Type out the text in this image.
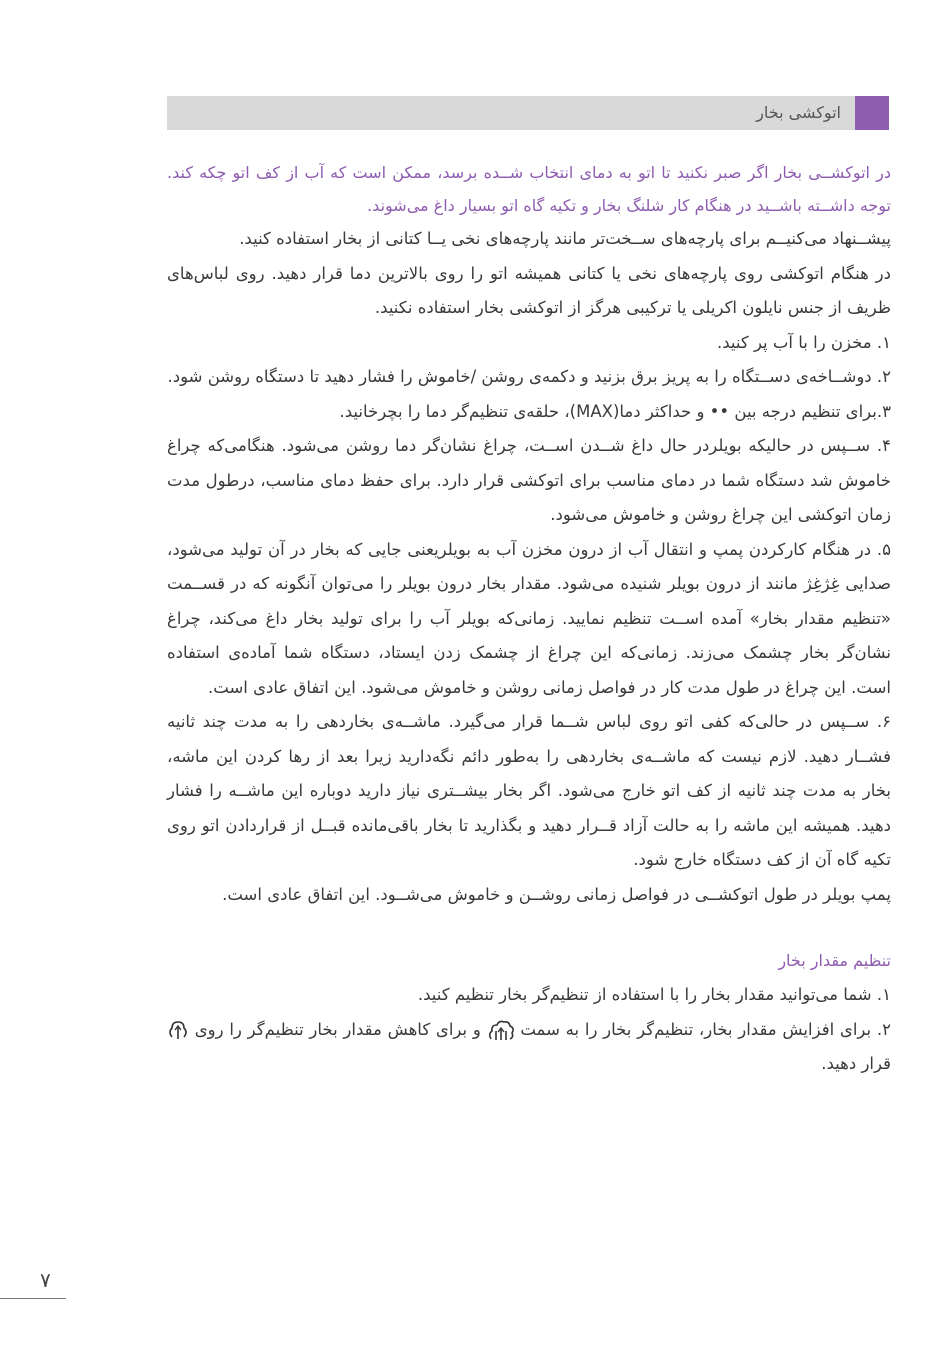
اتوکشی بخار

در اتوکشــی بخار اگر صبر نکنید تا اتو به دمای انتخاب شــده برسد، ممکن است که آب از کف اتو چکه کند. توجه داشــته باشــید در هنگام کار شلنگ بخار و تکیه گاه اتو بسیار داغ می‌شوند.

پیشــنهاد می‌کنیــم برای پارچه‌های ســخت‌تر مانند پارچه‌های نخی یــا کتانی از بخار استفاده کنید.

در هنگام اتوکشی روی پارچه‌های نخی یا کتانی همیشه اتو را روی بالاترین دما قرار دهید. روی لباس‌های ظریف از جنس نایلون اکریلی یا ترکیبی هرگز از اتوکشی بخار استفاده نکنید.

۱. مخزن را با آب پر کنید.

۲. دوشــاخه‌ی دســتگاه را به پریز برق بزنید و دکمه‌ی روشن /خاموش را فشار دهید تا دستگاه روشن شود.

۳.برای تنظیم درجه بین •• و حداکثر دما(MAX)، حلقه‌ی تنظیم‌گر دما را بچرخانید.

۴. ســپس در حالیکه بویلردر حال داغ شــدن اســت، چراغ نشان‌گر دما روشن می‌شود. هنگامی‌که چراغ خاموش شد دستگاه شما در دمای مناسب برای اتوکشی قرار دارد. برای حفظ دمای مناسب، درطول مدت زمان اتوکشی این چراغ روشن و خاموش می‌شود.

۵. در هنگام کارکردن پمپ و انتقال آب از درون مخزن آب به بویلریعنی جایی که بخار در آن تولید می‌شود، صدایی غِژغِژ مانند از درون بویلر شنیده می‌شود. مقدار بخار درون بویلر را می‌توان آنگونه که در قســمت «تنظیم مقدار بخار» آمده اســت تنظیم نمایید. زمانی‌که بویلر آب را برای تولید بخار داغ می‌کند، چراغ نشان‌گر بخار چشمک می‌زند. زمانی‌که این چراغ از چشمک زدن ایستاد، دستگاه شما آماده‌ی استفاده است. این چراغ در طول مدت کار در فواصل زمانی روشن و خاموش می‌شود. این اتفاق عادی است.

۶. ســپس در حالی‌که کفی اتو روی لباس شــما قرار می‌گیرد. ماشــه‌ی بخاردهی را به مدت چند ثانیه فشــار دهید. لازم نیست که ماشــه‌ی بخاردهی را به‌طور دائم نگه‌دارید زیرا بعد از رها کردن این ماشه، بخار به مدت چند ثانیه از کف اتو خارج می‌شود. اگر بخار بیشــتری نیاز دارید دوباره این ماشــه را فشار دهید. همیشه این ماشه را به حالت آزاد قــرار دهید و بگذارید تا بخار باقی‌مانده قبــل از قراردادن اتو روی تکیه گاه آن از کف دستگاه خارج شود.

پمپ بویلر در طول اتوکشــی در فواصل زمانی روشــن و خاموش می‌شــود. این اتفاق عادی است.

تنظیم مقدار بخار

۱. شما می‌توانید مقدار بخار را با استفاده از تنظیم‌گر بخار تنظیم کنید.

۲. برای افزایش مقدار بخار، تنظیم‌گر بخار را به سمت  و برای کاهش مقدار بخار تنظیم‌گر را روی  قرار دهید.

۷
